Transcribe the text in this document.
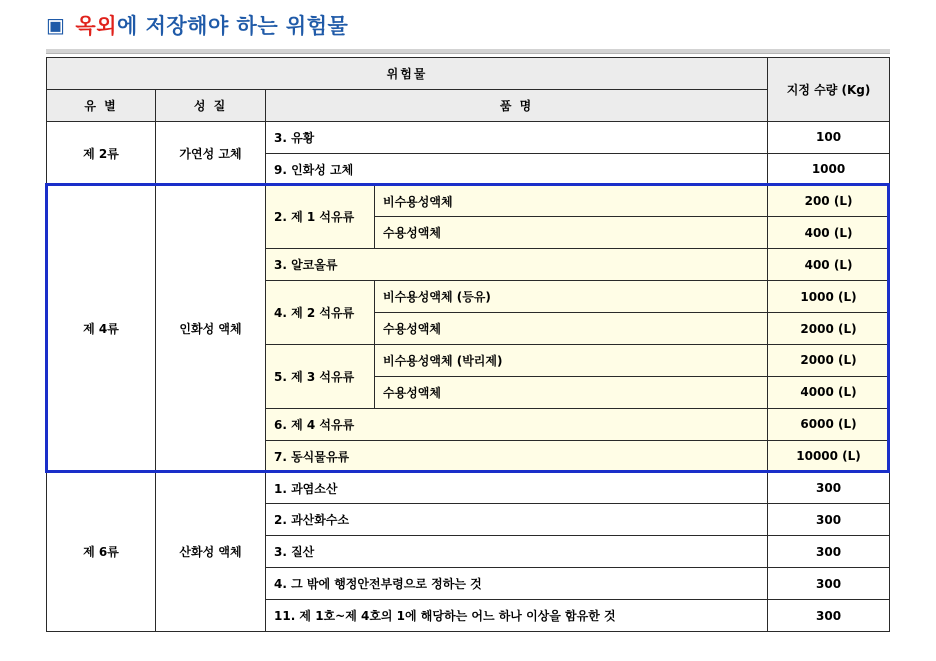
▣ 옥외 에 저장해야 하는 위험물
위험물				지정 수량 (Kg)
유 별	성 질	품 명		
제 2류	가연성 고체	3. 유황		100
		9. 인화성 고체		1000
제 4류	인화성 액체	2. 제 1 석유류	비수용성액체	200 (L)
			수용성액체	400 (L)
		3. 알코올류		400 (L)
		4. 제 2 석유류	비수용성액체 (등유)	1000 (L)
			수용성액체	2000 (L)
		5. 제 3 석유류	비수용성액체 (박리제)	2000 (L)
			수용성액체	4000 (L)
		6. 제 4 석유류		6000 (L)
		7. 동식물유류		10000 (L)
제 6류	산화성 액체	1. 과염소산		300
		2. 과산화수소		300
		3. 질산		300
		4. 그 밖에 행정안전부령으로 정하는 것		300
		11. 제 1호~제 4호의 1에 해당하는 어느 하나 이상을 함유한 것		300
